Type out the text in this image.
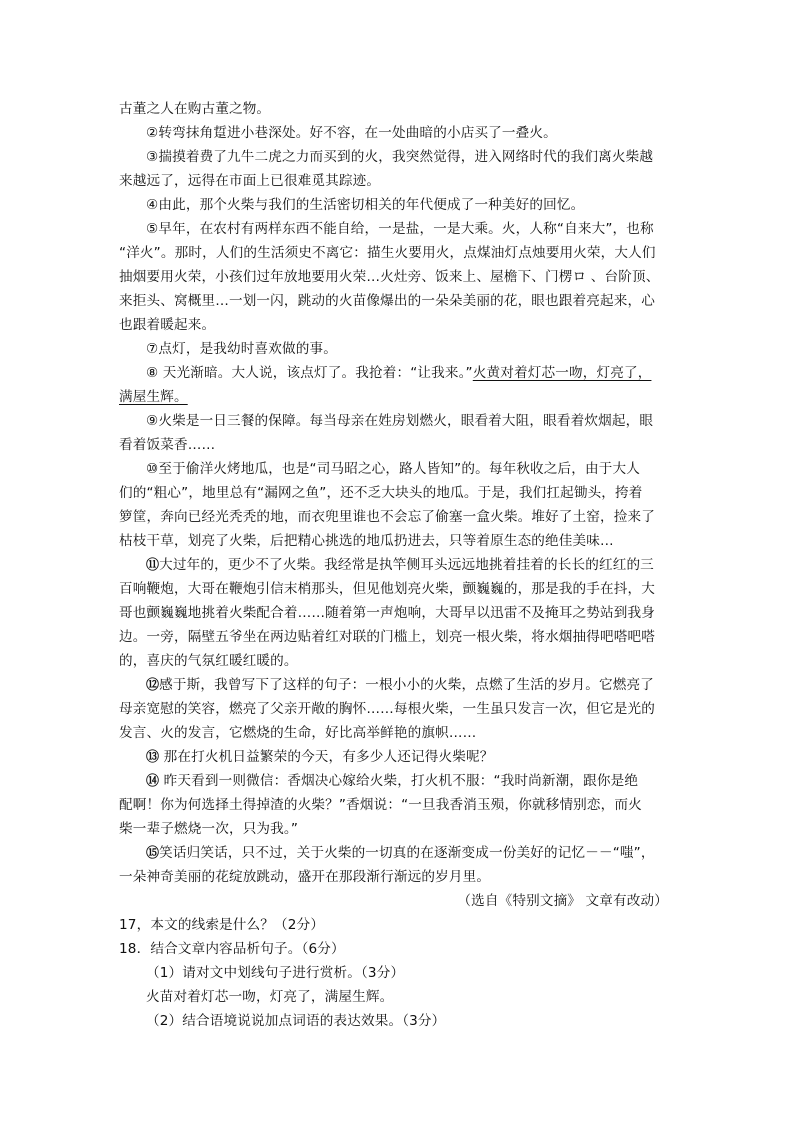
古董之人在购古董之物。
②转弯抹角踅进小巷深处。好不容，在一处曲暗的小店买了一叠火。
③揣摸着费了九牛二虎之力而买到的火，我突然觉得，进入网络时代的我们离火柴越
来越远了，远得在市面上已很难觅其踪迹。
④由此，那个火柴与我们的生活密切相关的年代便成了一种美好的回忆。
⑤早年，在农村有两样东西不能自给，一是盐，一是大乘。火，人称“自来大”，也称
“洋火”。那时，人们的生活须史不离它：描生火要用火，点煤油灯点烛要用火荣，大人们
抽烟要用火荣，小孩们过年放地要用火荣…火灶旁、饭来上、屋檐下、门楞ロ 、台阶顶、
来拒头、窝概里…一划一闪，跳动的火苗像爆出的一朵朵美丽的花，眼也跟着亮起来，心
也跟着暖起来。
⑦点灯，是我幼时喜欢做的事。
⑧ 天光渐暗。大人说，该点灯了。我抢着：“让我来。”火黄对着灯芯一吻，灯亮了，
满屋生辉。
⑨火柴是一日三餐的保障。每当母亲在姓房划燃火，眼看着大阻，眼看着炊烟起，眼
看着饭菜香……
⑩至于偷洋火烤地瓜，也是“司马昭之心，路人皆知”的。每年秋收之后，由于大人
们的“粗心”，地里总有“漏网之鱼”，还不乏大块头的地瓜。于是，我们扛起锄头，挎着
箩筐，奔向已经光秃秃的地，而衣兜里谁也不会忘了偷塞一盒火柴。堆好了土窑，捡来了
枯枝干草，划亮了火柴，后把精心挑选的地瓜扔进去，只等着原生态的绝佳美味…
⑪大过年的，更少不了火柴。我经常是执竿侧耳头远远地挑着挂着的长长的红红的三
百响鞭炮，大哥在鞭炮引信末梢那头，但见他划亮火柴，颤巍巍的，那是我的手在抖，大
哥也颤巍巍地挑着火柴配合着……随着第一声炮响，大哥早以迅雷不及掩耳之势站到我身
边。一旁，隔壁五爷坐在两边贴着红对联的门槛上，划亮一根火柴，将水烟抽得吧嗒吧嗒
的，喜庆的气氛红暖红暖的。
⑫感于斯，我曾写下了这样的句子：一根小小的火柴，点燃了生活的岁月。它燃亮了
母亲宽慰的笑容，燃亮了父亲开敞的胸怀……每根火柴，一生虽只发言一次，但它是光的
发言、火的发言，它燃烧的生命，好比高举鲜艳的旗帜……
⑬ 那在打火机日益繁荣的今天，有多少人还记得火柴呢？
⑭ 昨天看到一则微信：香烟决心嫁给火柴，打火机不服：“我时尚新潮，跟你是绝
配啊！你为何选择土得掉渣的火柴？”香烟说：“一旦我香消玉殒，你就移情别恋，而火
柴一辈子燃烧一次，只为我。”
⑮笑话归笑话，只不过，关于火柴的一切真的在逐渐变成一份美好的记忆－－“嗤”，
一朵神奇美丽的花绽放跳动，盛开在那段渐行渐远的岁月里。
（选自《特别文摘》 文章有改动）
17，本文的线索是什么？（2分）
18．结合文章内容品析句子。（6分）
（1）请对文中划线句子进行赏析。（3分）
火苗对着灯芯一吻，灯亮了，满屋生辉。
（2）结合语境说说加点词语的表达效果。（3分）
